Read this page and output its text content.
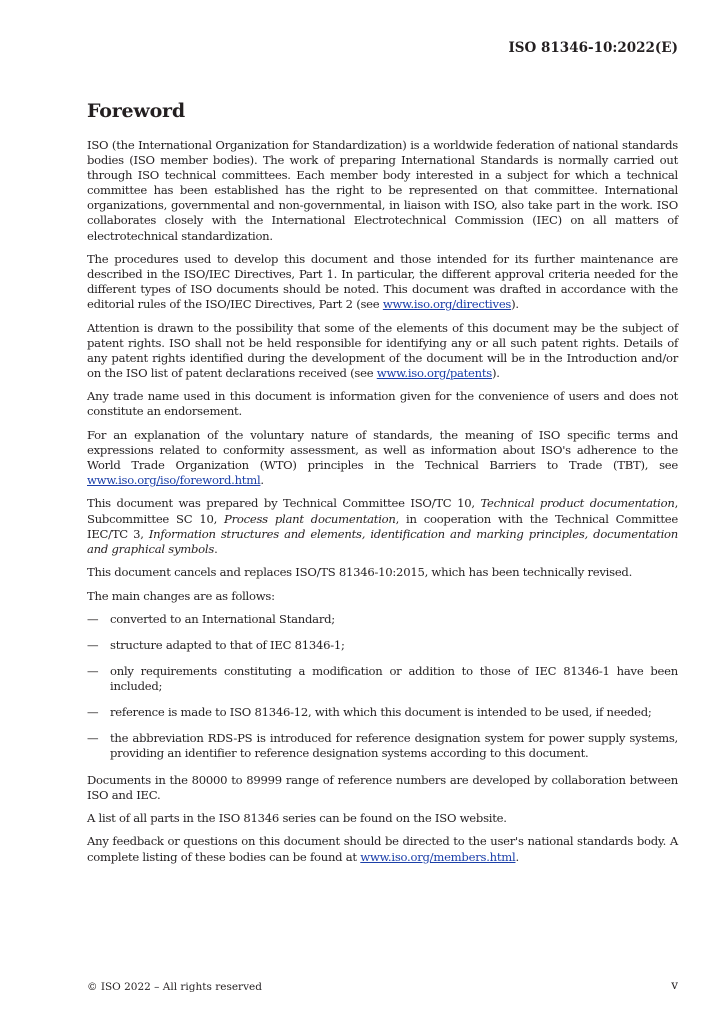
ISO 81346-10:2022(E)
Foreword

ISO (the International Organization for Standardization) is a worldwide federation of national standards bodies (ISO member bodies). The work of preparing International Standards is normally carried out through ISO technical committees. Each member body interested in a subject for which a technical committee has been established has the right to be represented on that committee. International organizations, governmental and non-governmental, in liaison with ISO, also take part in the work. ISO collaborates closely with the International Electrotechnical Commission (IEC) on all matters of electrotechnical standardization.

The procedures used to develop this document and those intended for its further maintenance are described in the ISO/IEC Directives, Part 1. In particular, the different approval criteria needed for the different types of ISO documents should be noted. This document was drafted in accordance with the editorial rules of the ISO/IEC Directives, Part 2 (see www.iso.org/directives).

Attention is drawn to the possibility that some of the elements of this document may be the subject of patent rights. ISO shall not be held responsible for identifying any or all such patent rights. Details of any patent rights identified during the development of the document will be in the Introduction and/or on the ISO list of patent declarations received (see www.iso.org/patents).

Any trade name used in this document is information given for the convenience of users and does not constitute an endorsement.

For an explanation of the voluntary nature of standards, the meaning of ISO specific terms and expressions related to conformity assessment, as well as information about ISO's adherence to the World Trade Organization (WTO) principles in the Technical Barriers to Trade (TBT), see www.iso.org/iso/foreword.html.

This document was prepared by Technical Committee ISO/TC 10, Technical product documentation, Subcommittee SC 10, Process plant documentation, in cooperation with the Technical Committee IEC/TC 3, Information structures and elements, identification and marking principles, documentation and graphical symbols.

This document cancels and replaces ISO/TS 81346-10:2015, which has been technically revised.

The main changes are as follows:

— converted to an International Standard;
— structure adapted to that of IEC 81346-1;
— only requirements constituting a modification or addition to those of IEC 81346-1 have been included;
— reference is made to ISO 81346-12, with which this document is intended to be used, if needed;
— the abbreviation RDS-PS is introduced for reference designation system for power supply systems, providing an identifier to reference designation systems according to this document.

Documents in the 80000 to 89999 range of reference numbers are developed by collaboration between ISO and IEC.

A list of all parts in the ISO 81346 series can be found on the ISO website.

Any feedback or questions on this document should be directed to the user's national standards body. A complete listing of these bodies can be found at www.iso.org/members.html.

© ISO 2022 – All rights reserved	v
